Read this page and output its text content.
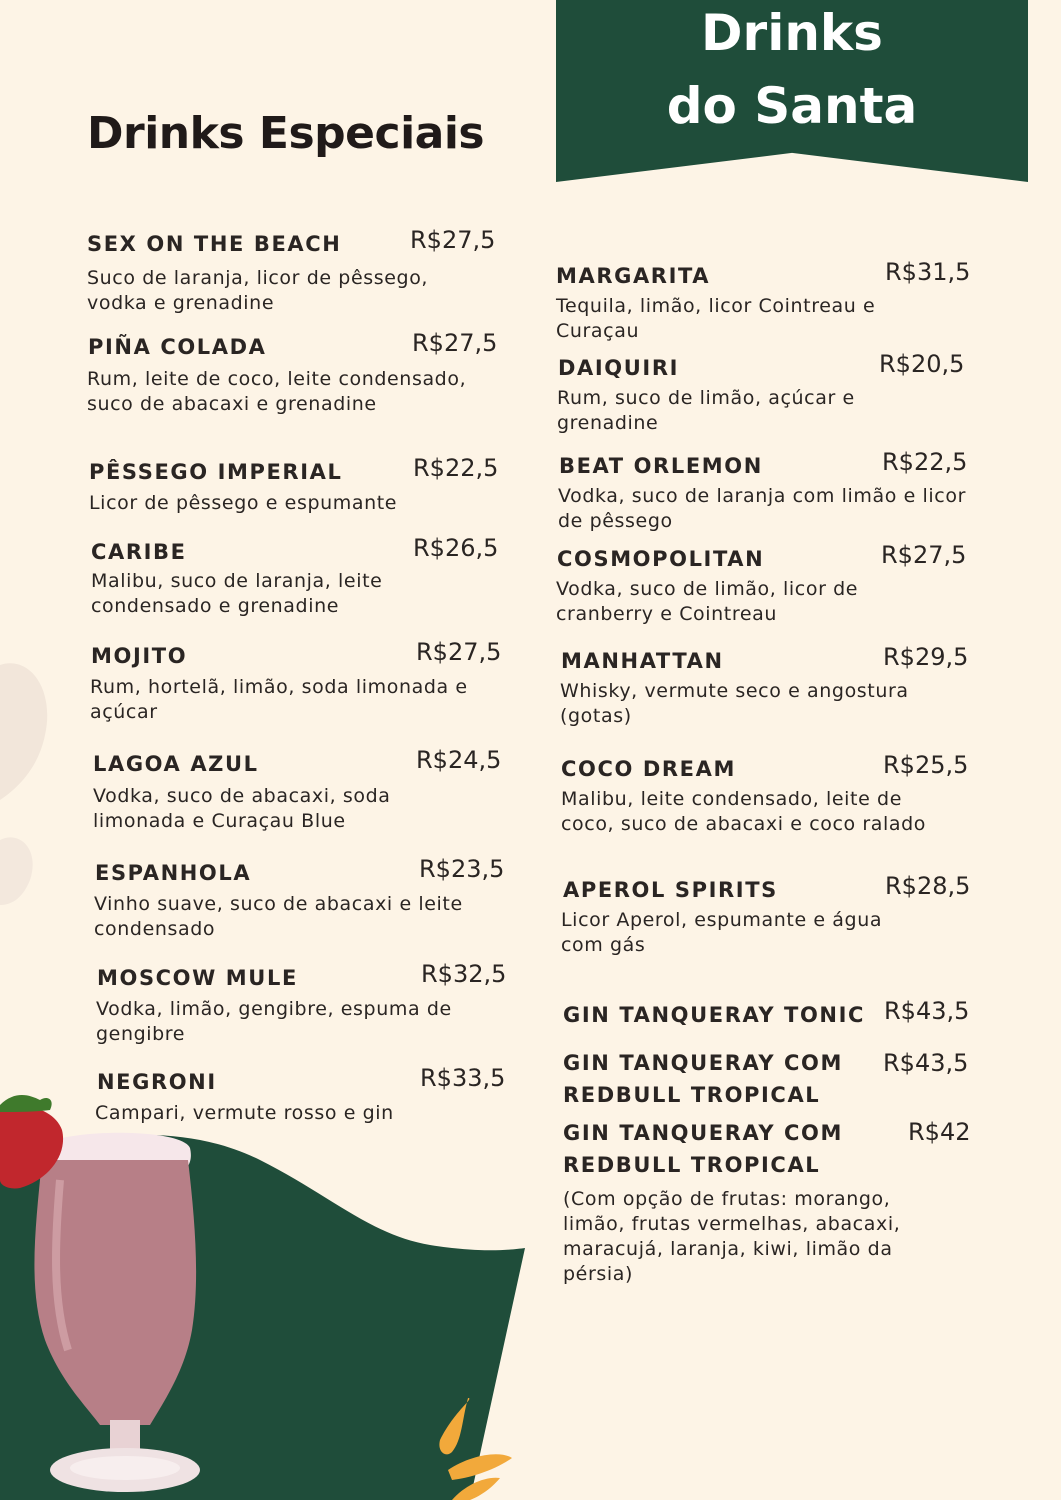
Drinks
do Santa
Drinks Especiais
SEX ON THE BEACH	R$27,5
Suco de laranja, licor de pêssego, vodka e grenadine
PIÑA COLADA	R$27,5
Rum, leite de coco, leite condensado, suco de abacaxi e grenadine
PÊSSEGO IMPERIAL	R$22,5
Licor de pêssego e espumante
CARIBE	R$26,5
Malibu, suco de laranja, leite condensado e grenadine
MOJITO	R$27,5
Rum, hortelã, limão, soda limonada e açúcar
LAGOA AZUL	R$24,5
Vodka, suco de abacaxi, soda limonada e Curaçau Blue
ESPANHOLA	R$23,5
Vinho suave, suco de abacaxi e leite condensado
MOSCOW MULE	R$32,5
Vodka, limão, gengibre, espuma de gengibre
NEGRONI	R$33,5
Campari, vermute rosso e gin
MARGARITA	R$31,5
Tequila, limão, licor Cointreau e Curaçau
DAIQUIRI	R$20,5
Rum, suco de limão, açúcar e grenadine
BEAT ORLEMON	R$22,5
Vodka, suco de laranja com limão e licor de pêssego
COSMOPOLITAN	R$27,5
Vodka, suco de limão, licor de cranberry e Cointreau
MANHATTAN	R$29,5
Whisky, vermute seco e angostura (gotas)
COCO DREAM	R$25,5
Malibu, leite condensado, leite de coco, suco de abacaxi e coco ralado
APEROL SPIRITS	R$28,5
Licor Aperol, espumante e água com gás
GIN TANQUERAY TONIC R$43,5
GIN TANQUERAY COM REDBULL TROPICAL
R$43,5
GIN TANQUERAY COM REDBULL TROPICAL
R$42
(Com opção de frutas: morango, limão, frutas vermelhas, abacaxi, maracujá, laranja, kiwi, limão da pérsia)
